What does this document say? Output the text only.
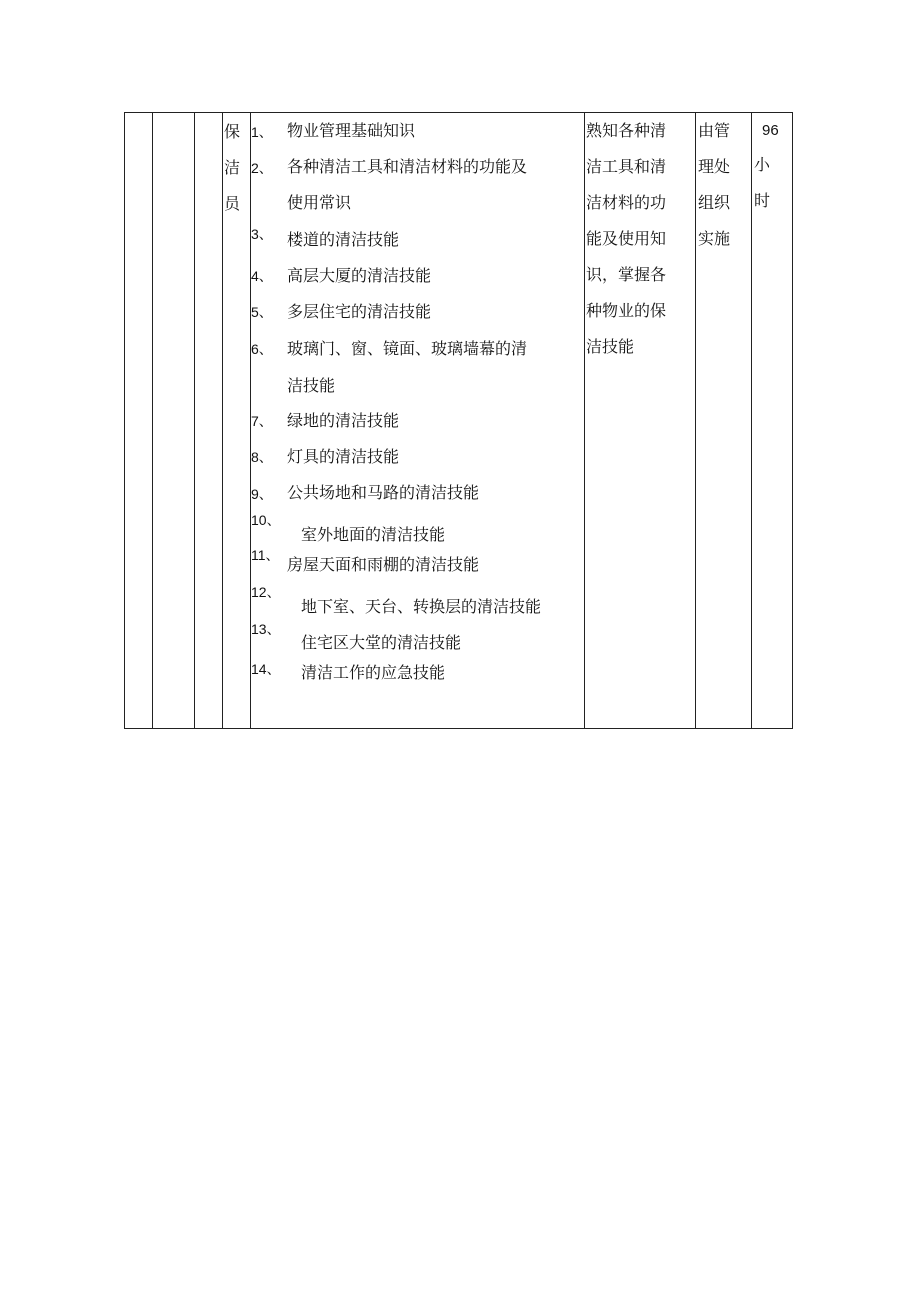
保洁员
1、 物业管理基础知识
2、 各种清洁工具和清洁材料的功能及
使用常识
3、 楼道的清洁技能
4、 高层大厦的清洁技能
5、 多层住宅的清洁技能
6、 玻璃门、窗、镜面、玻璃墙幕的清
洁技能
7、 绿地的清洁技能
8、 灯具的清洁技能
9、 公共场地和马路的清洁技能
10、
室外地面的清洁技能
11、 房屋天面和雨棚的清洁技能
12、
地下室、天台、转换层的清洁技能
13、
住宅区大堂的清洁技能
14、 清洁工作的应急技能
熟知各种清
洁工具和清
洁材料的功
能及使用知
识，掌握各
种物业的保
洁技能
由管
理处
组织
实施
96
小
时
